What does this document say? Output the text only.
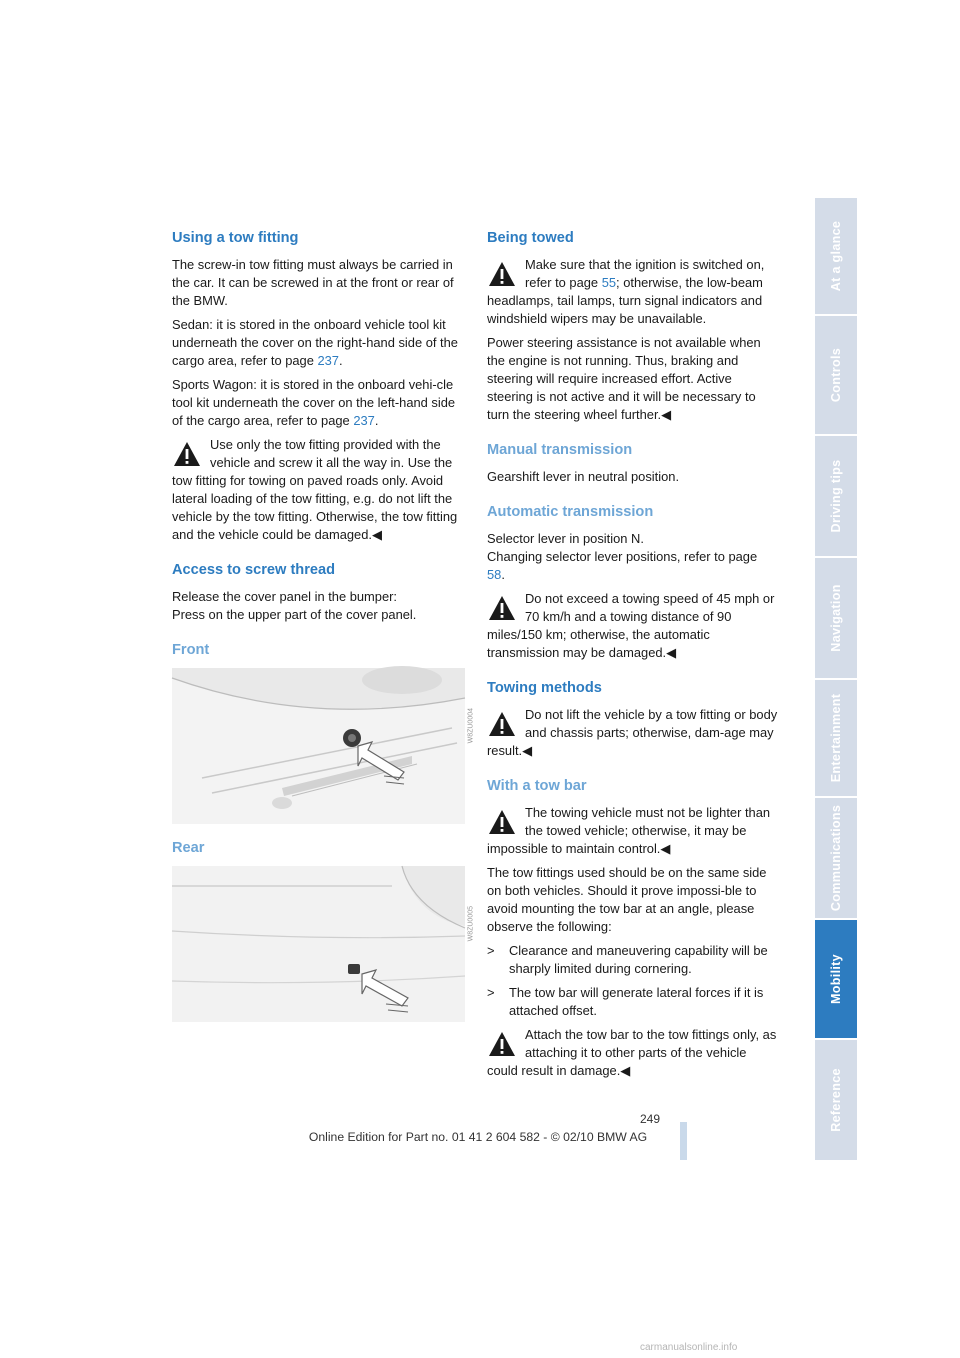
Using a tow fitting

The screw-in tow fitting must always be carried in the car. It can be screwed in at the front or rear of the BMW.

Sedan: it is stored in the onboard vehicle tool kit underneath the cover on the right-hand side of the cargo area, refer to page 237.

Sports Wagon: it is stored in the onboard vehi-cle tool kit underneath the cover on the left-hand side of the cargo area, refer to page 237.

Use only the tow fitting provided with the vehicle and screw it all the way in. Use the tow fitting for towing on paved roads only. Avoid lateral loading of the tow fitting, e.g. do not lift the vehicle by the tow fitting. Otherwise, the tow fitting and the vehicle could be damaged.◀

Access to screw thread

Release the cover panel in the bumper:

Press on the upper part of the cover panel.

Front
W8ZU0004
Rear
W8ZU0005
Being towed

Make sure that the ignition is switched on, refer to page 55; otherwise, the low-beam headlamps, tail lamps, turn signal indicators and windshield wipers may be unavailable.

Power steering assistance is not available when the engine is not running. Thus, braking and steering will require increased effort. Active steering is not active and it will be necessary to turn the steering wheel further.◀

Manual transmission

Gearshift lever in neutral position.

Automatic transmission

Selector lever in position N.

Changing selector lever positions, refer to page 58.

Do not exceed a towing speed of 45 mph or 70 km/h and a towing distance of 90 miles/150 km; otherwise, the automatic transmission may be damaged.◀

Towing methods

Do not lift the vehicle by a tow fitting or body and chassis parts; otherwise, dam-age may result.◀

With a tow bar

The towing vehicle must not be lighter than the towed vehicle; otherwise, it may be impossible to maintain control.◀

The tow fittings used should be on the same side on both vehicles. Should it prove impossi-ble to avoid mounting the tow bar at an angle, please observe the following:

> Clearance and maneuvering capability will be sharply limited during cornering.

> The tow bar will generate lateral forces if it is attached offset.

Attach the tow bar to the tow fittings only, as attaching it to other parts of the vehicle could result in damage.◀

At a glance
Controls
Driving tips
Navigation
Entertainment
Communications
Mobility
Reference
249
Online Edition for Part no. 01 41 2 604 582 - © 02/10 BMW AG
carmanualsonline.info
